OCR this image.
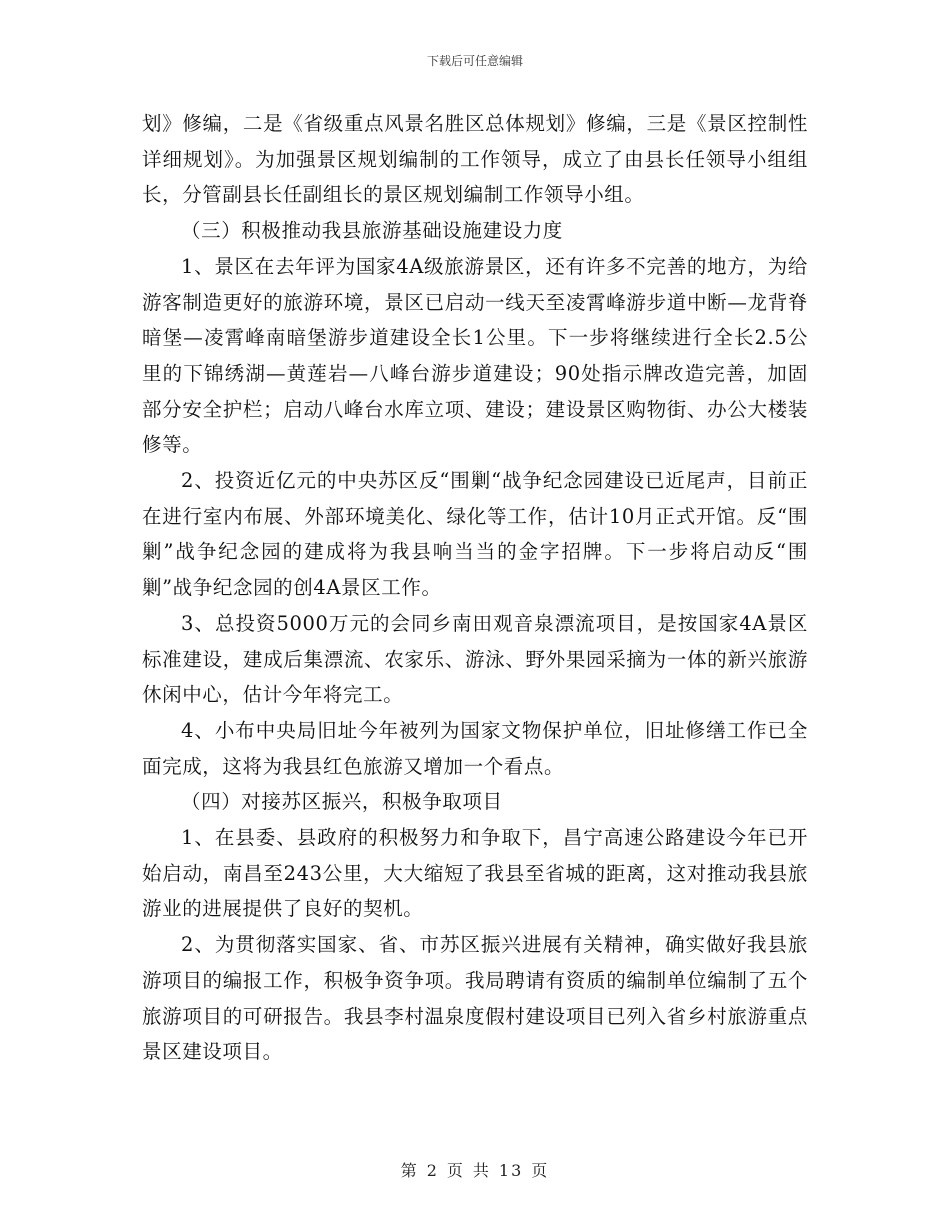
下载后可任意编辑

划》修编，二是《省级重点风景名胜区总体规划》修编，三是《景区控制性详细规划》。为加强景区规划编制的工作领导，成立了由县长任领导小组组长，分管副县长任副组长的景区规划编制工作领导小组。

（三）积极推动我县旅游基础设施建设力度

1、景区在去年评为国家4A级旅游景区，还有许多不完善的地方，为给游客制造更好的旅游环境，景区已启动一线天至凌霄峰游步道中断—龙背脊暗堡—凌霄峰南暗堡游步道建设全长1公里。下一步将继续进行全长2.5公里的下锦绣湖—黄莲岩—八峰台游步道建设；90处指示牌改造完善，加固部分安全护栏；启动八峰台水库立项、建设；建设景区购物街、办公大楼装修等。

2、投资近亿元的中央苏区反“围剿“战争纪念园建设已近尾声，目前正在进行室内布展、外部环境美化、绿化等工作，估计10月正式开馆。反“围剿”战争纪念园的建成将为我县响当当的金字招牌。下一步将启动反“围剿”战争纪念园的创4A景区工作。

3、总投资5000万元的会同乡南田观音泉漂流项目，是按国家4A景区标准建设，建成后集漂流、农家乐、游泳、野外果园采摘为一体的新兴旅游休闲中心，估计今年将完工。

4、小布中央局旧址今年被列为国家文物保护单位，旧址修缮工作已全面完成，这将为我县红色旅游又增加一个看点。

（四）对接苏区振兴，积极争取项目

1、在县委、县政府的积极努力和争取下，昌宁高速公路建设今年已开始启动，南昌至243公里，大大缩短了我县至省城的距离，这对推动我县旅游业的进展提供了良好的契机。

2、为贯彻落实国家、省、市苏区振兴进展有关精神，确实做好我县旅游项目的编报工作，积极争资争项。我局聘请有资质的编制单位编制了五个旅游项目的可研报告。我县李村温泉度假村建设项目已列入省乡村旅游重点景区建设项目。

第 2 页 共 13 页
